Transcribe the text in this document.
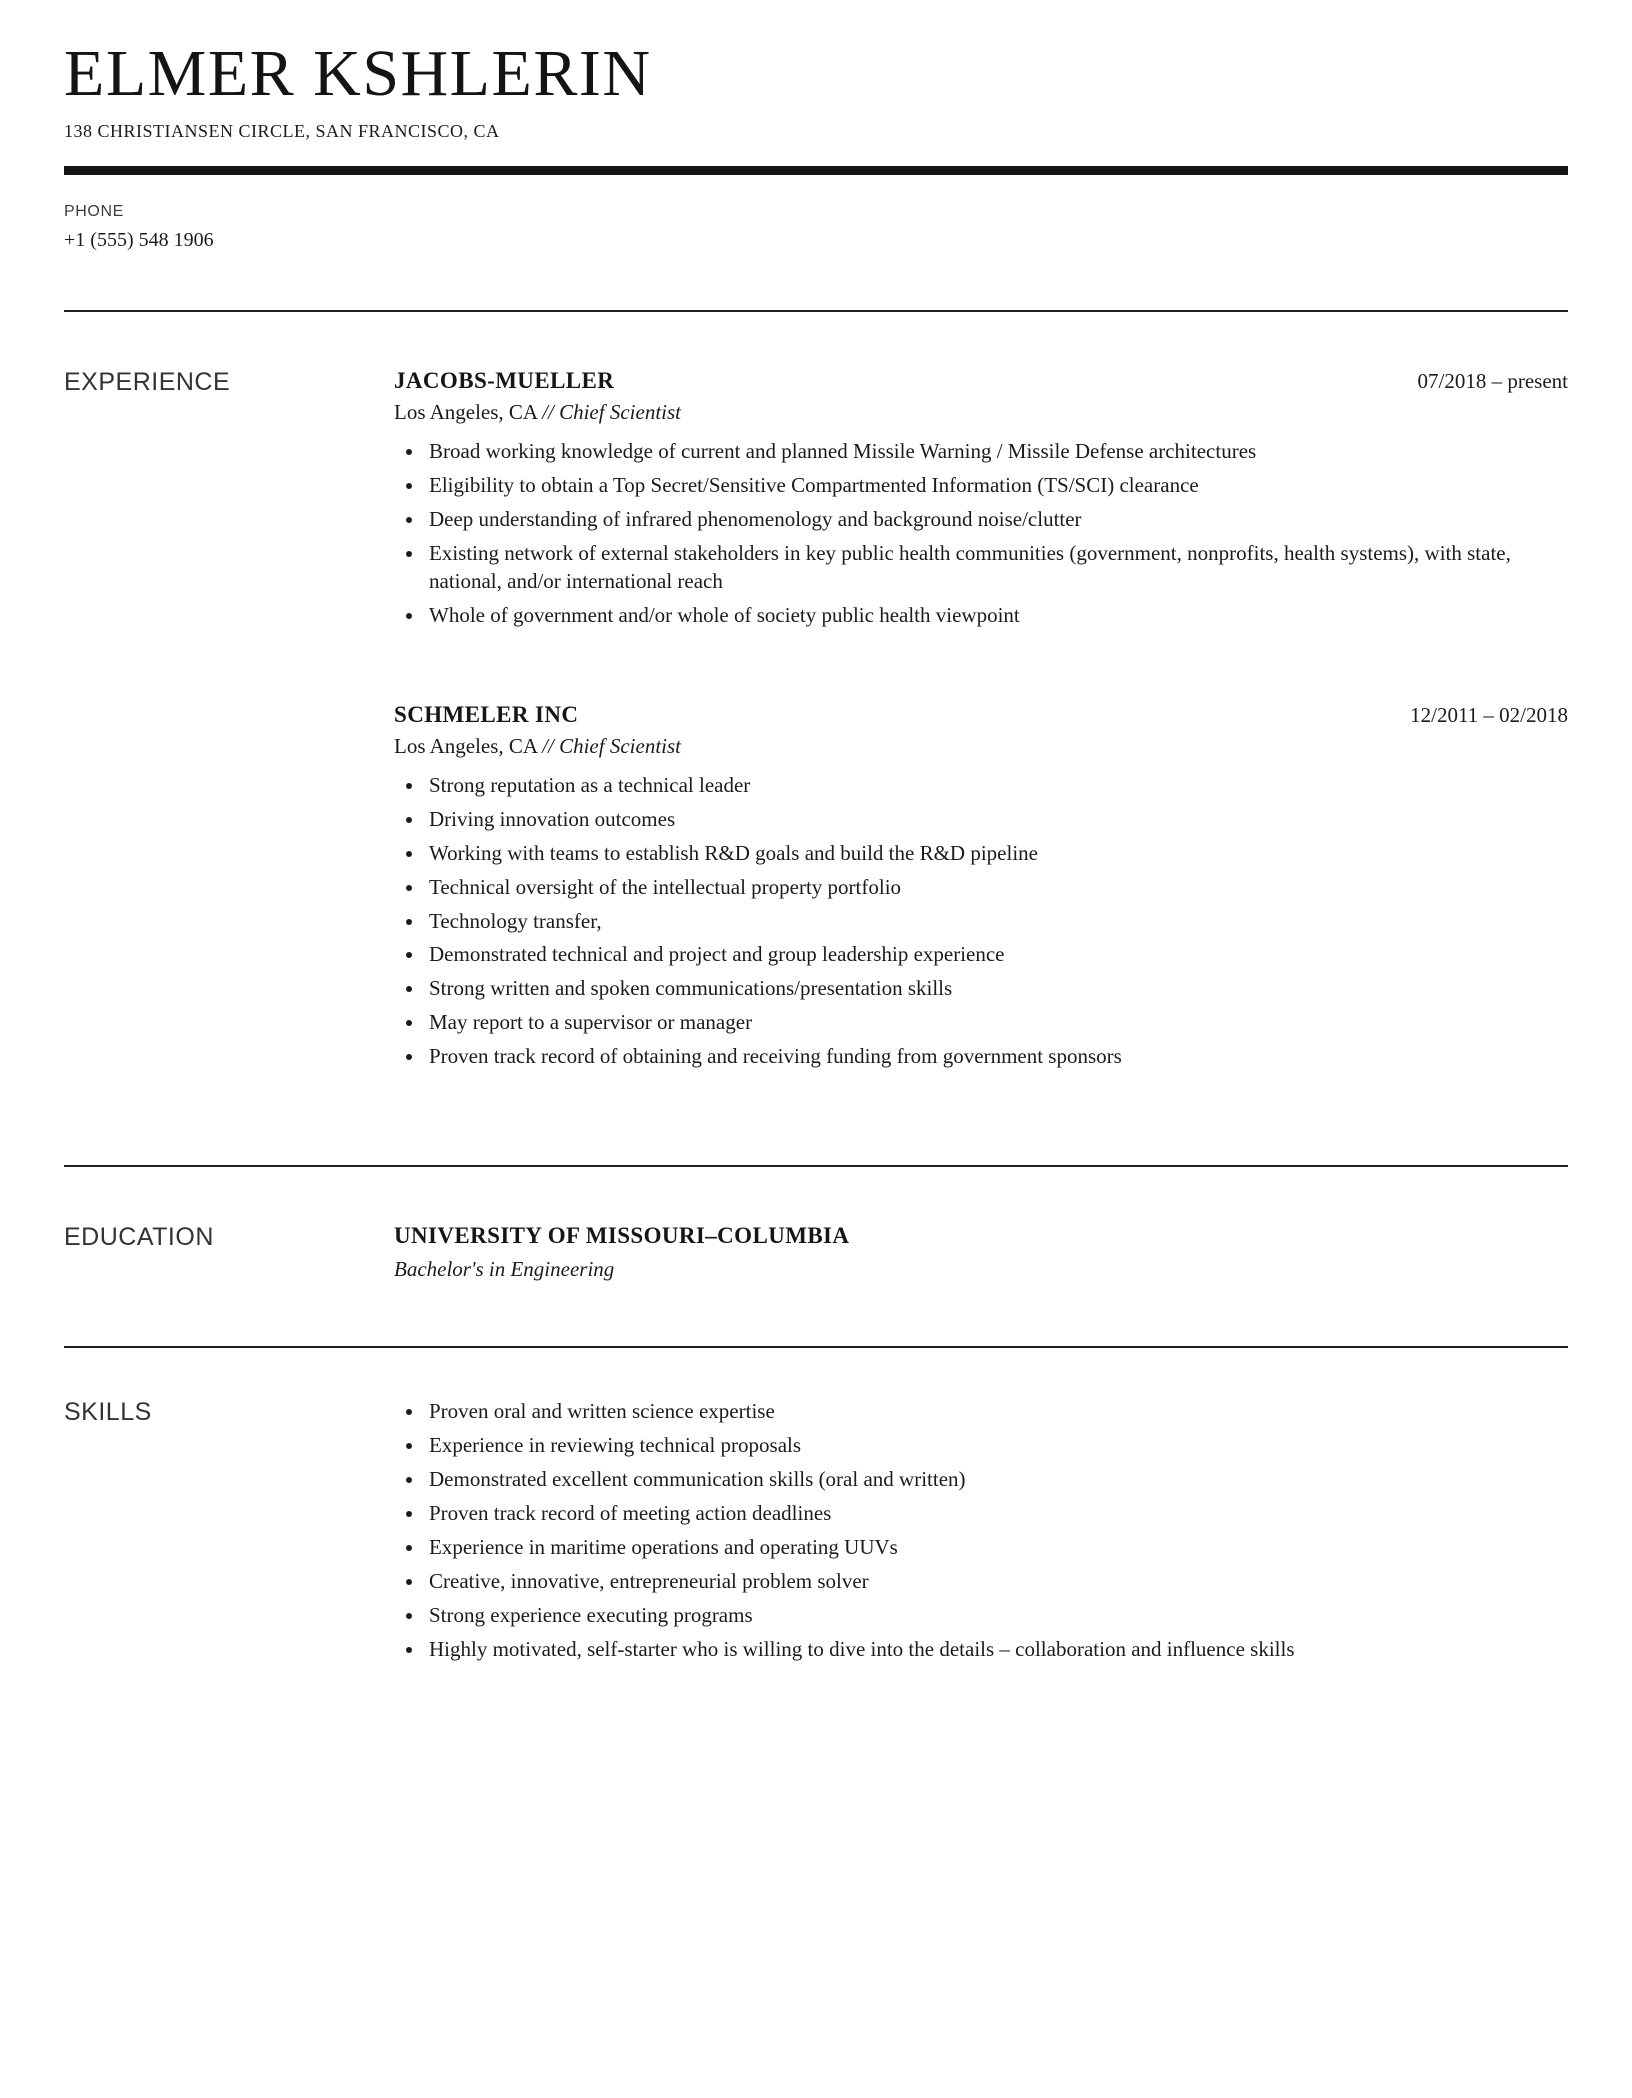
ELMER KSHLERIN
138 CHRISTIANSEN CIRCLE, SAN FRANCISCO, CA
PHONE
+1 (555) 548 1906
EXPERIENCE	JACOBS-MUELLER	07/2018 – present

Los Angeles, CA // Chief Scientist

• Broad working knowledge of current and planned Missile Warning / Missile Defense architectures
• Eligibility to obtain a Top Secret/Sensitive Compartmented Information (TS/SCI) clearance
• Deep understanding of infrared phenomenology and background noise/clutter
• Existing network of external stakeholders in key public health communities (government, nonprofits, health systems), with state, national, and/or international reach
• Whole of government and/or whole of society public health viewpoint
SCHMELER INC	12/2011 – 02/2018

Los Angeles, CA // Chief Scientist

• Strong reputation as a technical leader
• Driving innovation outcomes
• Working with teams to establish R&D goals and build the R&D pipeline
• Technical oversight of the intellectual property portfolio
• Technology transfer,
• Demonstrated technical and project and group leadership experience
• Strong written and spoken communications/presentation skills
• May report to a supervisor or manager
• Proven track record of obtaining and receiving funding from government sponsors
EDUCATION	UNIVERSITY OF MISSOURI–COLUMBIA

Bachelor's in Engineering

SKILLS	• Proven oral and written science expertise
• Experience in reviewing technical proposals
• Demonstrated excellent communication skills (oral and written)
• Proven track record of meeting action deadlines
• Experience in maritime operations and operating UUVs
• Creative, innovative, entrepreneurial problem solver
• Strong experience executing programs
• Highly motivated, self-starter who is willing to dive into the details – collaboration and influence skills
